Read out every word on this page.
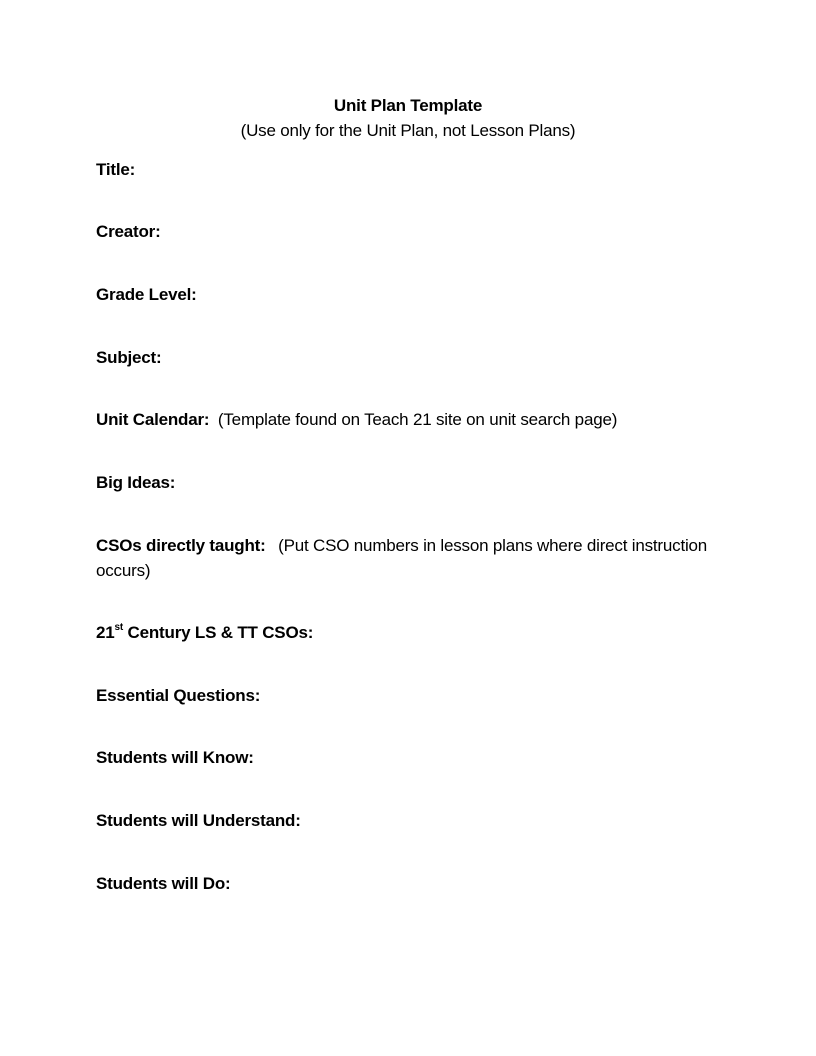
Unit Plan Template
(Use only for the Unit Plan, not Lesson Plans)
Title:
Creator:
Grade Level:
Subject:
Unit Calendar: (Template found on Teach 21 site on unit search page)
Big Ideas:
CSOs directly taught: (Put CSO numbers in lesson plans where direct instruction occurs)
21st Century LS & TT CSOs:
Essential Questions:
Students will Know:
Students will Understand:
Students will Do:
